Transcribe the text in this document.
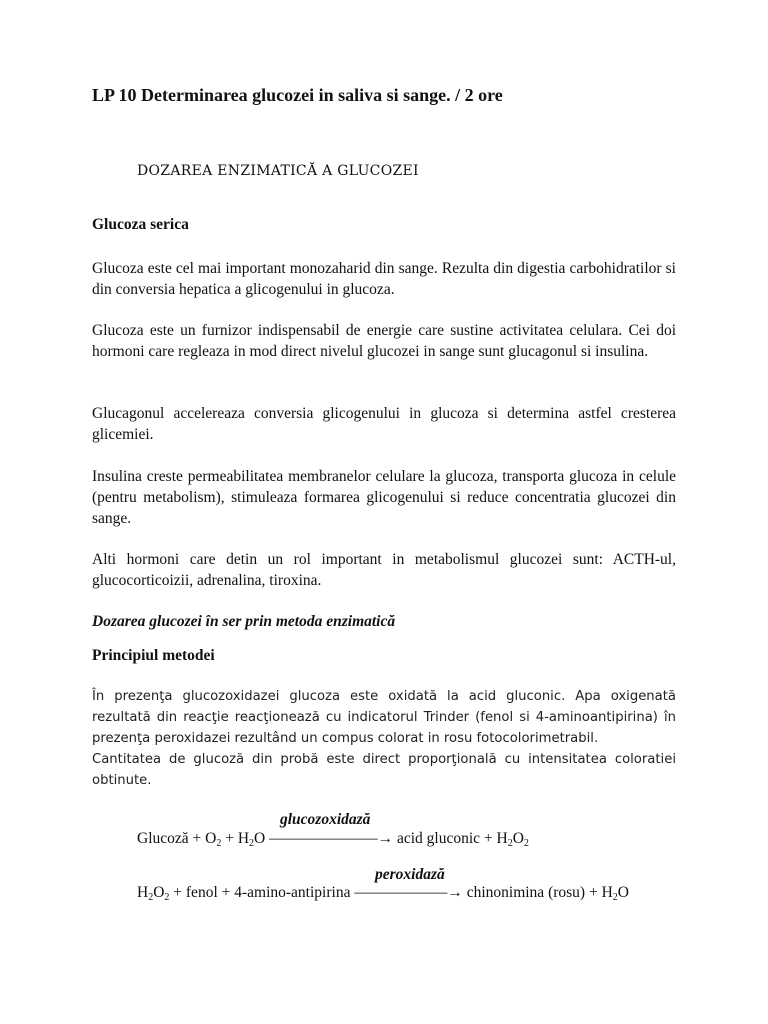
LP 10 Determinarea glucozei in saliva si sange. / 2 ore
DOZAREA ENZIMATICĂ A GLUCOZEI
Glucoza serica
Glucoza este cel mai important monozaharid din sange. Rezulta din digestia carbohidratilor si din conversia hepatica a glicogenului in glucoza.
Glucoza este un furnizor indispensabil de energie care sustine activitatea celulara. Cei doi hormoni care regleaza in mod direct nivelul glucozei in sange sunt glucagonul si insulina.
Glucagonul accelereaza conversia glicogenului in glucoza si determina astfel cresterea glicemiei.
Insulina creste permeabilitatea membranelor celulare la glucoza, transporta glucoza in celule (pentru metabolism), stimuleaza formarea glicogenului si reduce concentratia glucozei din sange.
Alti hormoni care detin un rol important in metabolismul glucozei sunt: ACTH-ul, glucocorticoizii, adrenalina, tiroxina.
Dozarea glucozei în ser prin metoda enzimatică
Principiul metodei
În prezenţa glucozoxidazei glucoza este oxidată la acid gluconic. Apa oxigenată rezultată din reacţie reacţionează cu indicatorul Trinder (fenol si 4-aminoantipirina) în prezenţa peroxidazei rezultând un compus colorat in rosu fotocolorimetrabil.
Cantitatea de glucoză din probă este direct proporţională cu intensitatea coloratiei obtinute.
glucozoxidază
Glucoză + $O_2 + H_2O$ ———————→ acid gluconic + $H_2O_2$
peroxidază
$H_2O_2$ + fenol + 4-amino-antipirina ——————→ chinonimina (rosu) + $H_2O$
